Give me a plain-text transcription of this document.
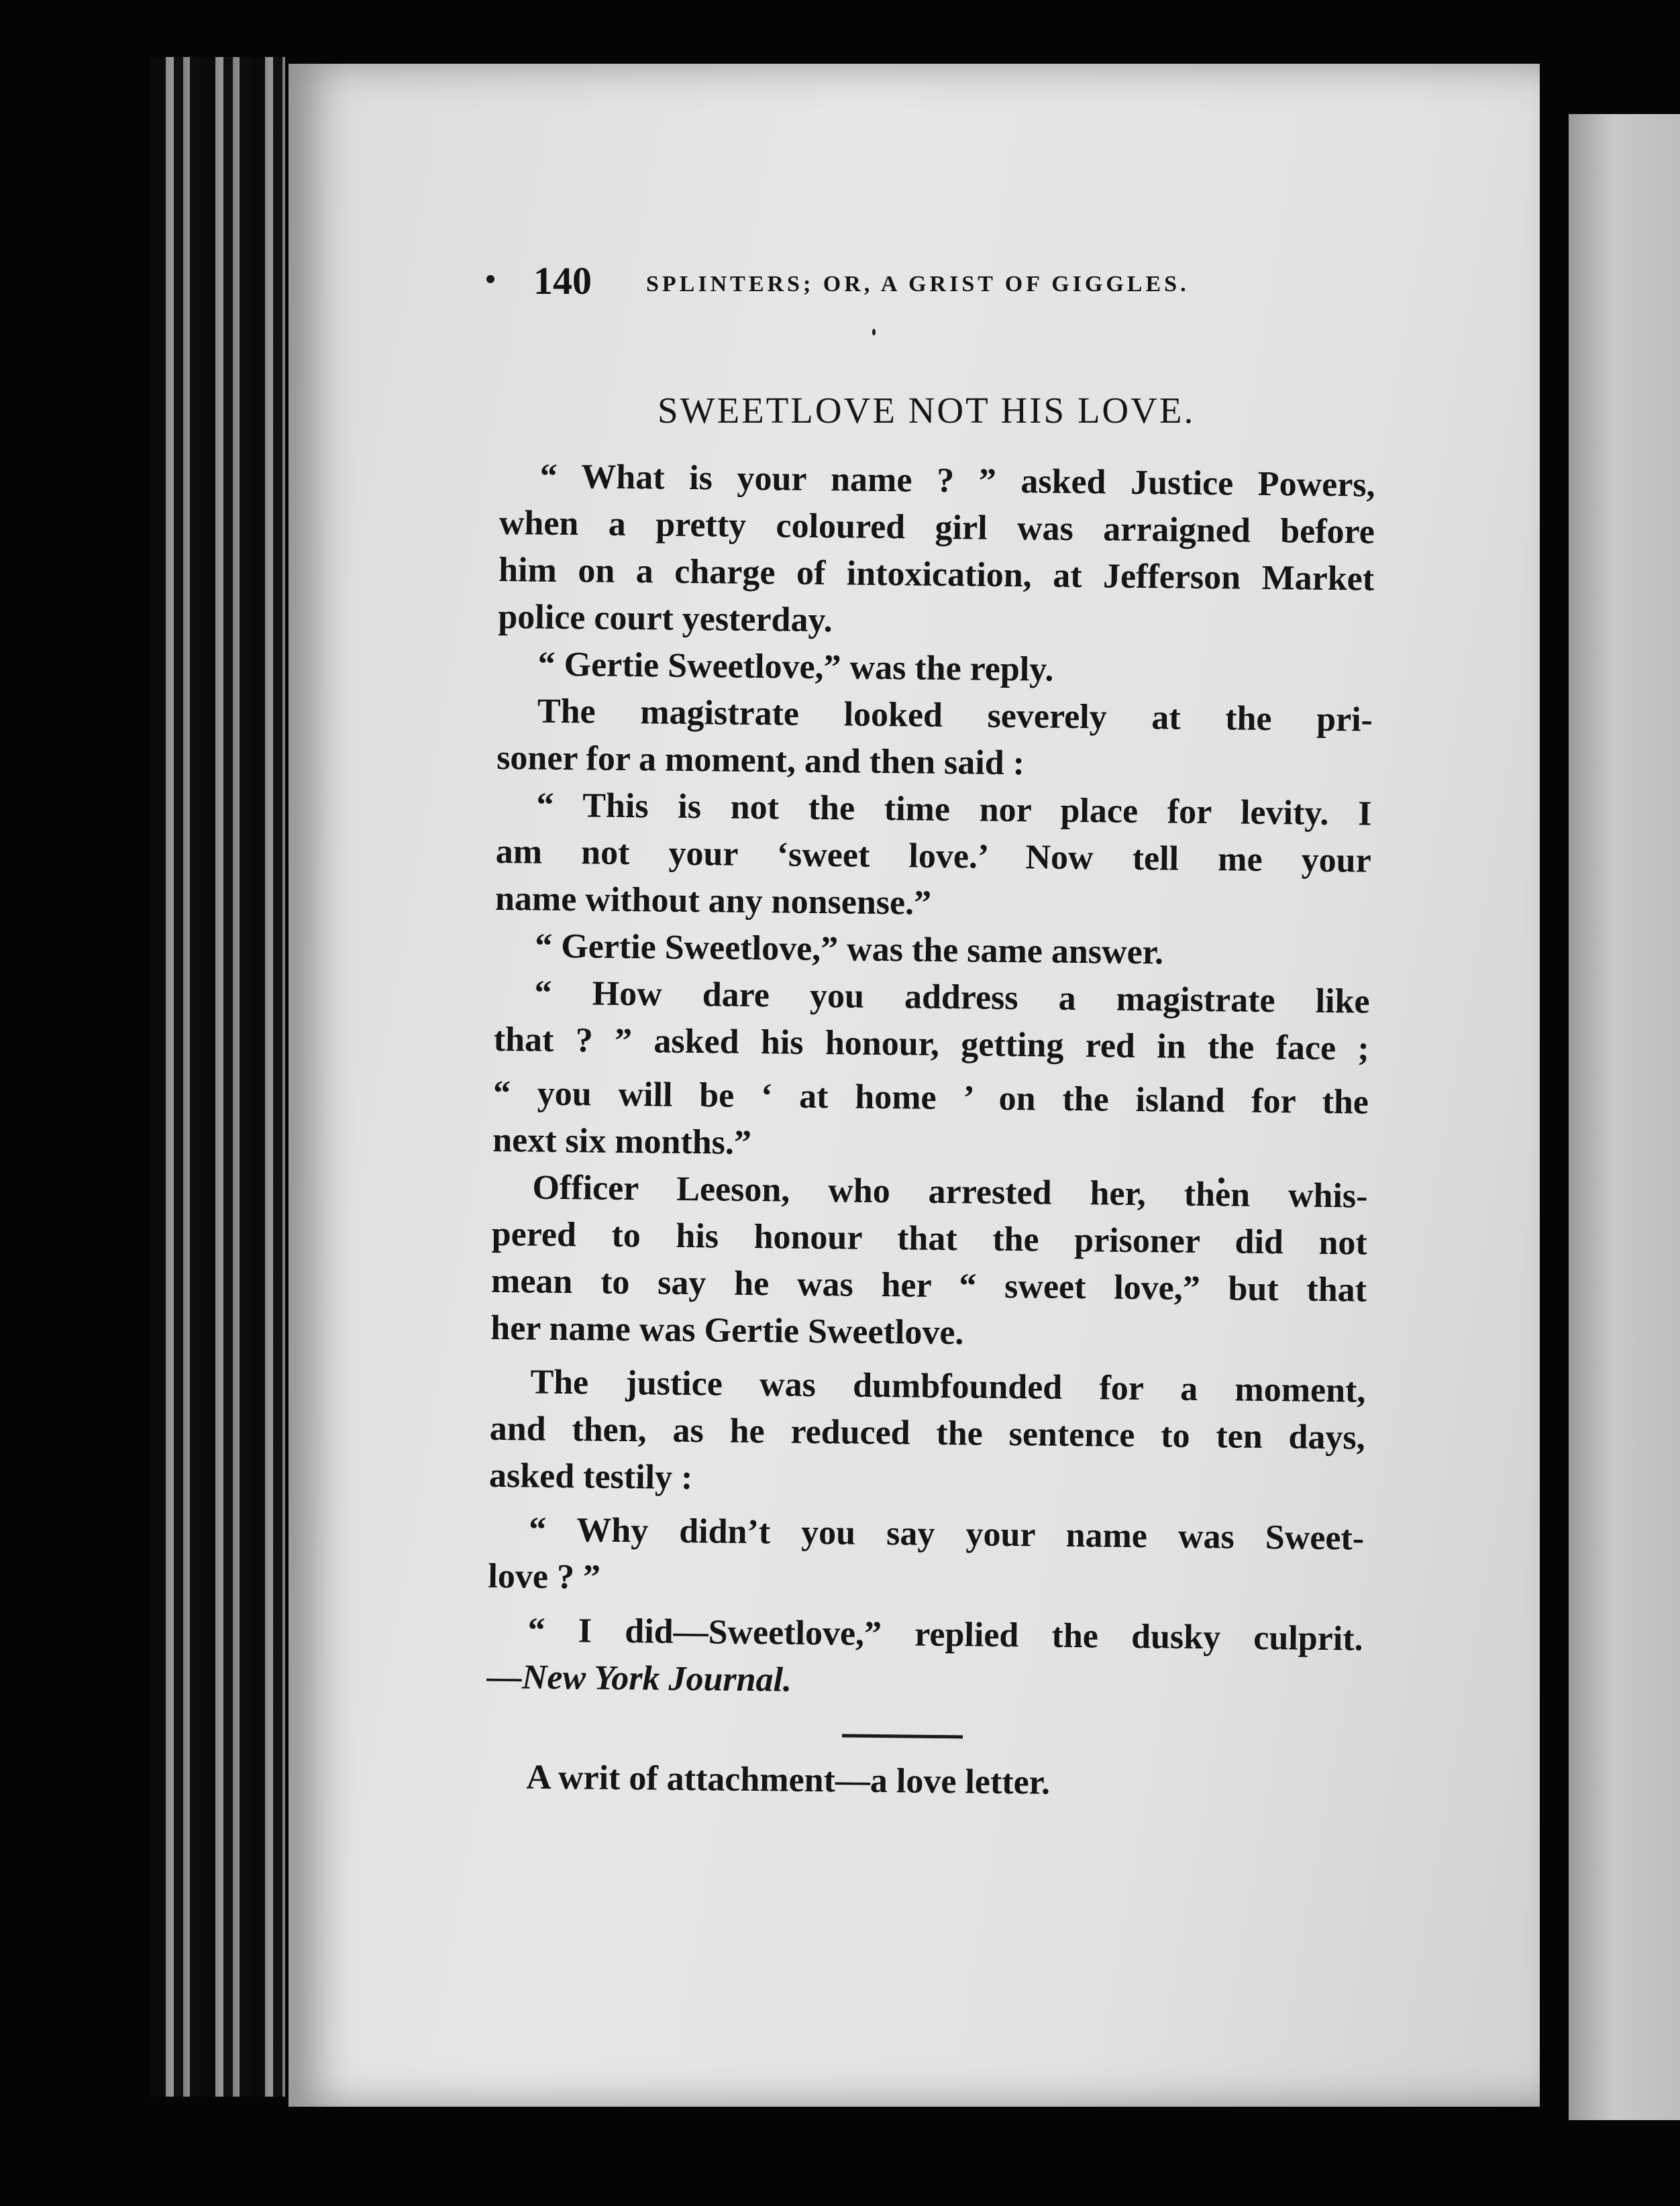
140 SPLINTERS; OR, A GRIST OF GIGGLES.
SWEETLOVE NOT HIS LOVE.
“ What is your name ? ” asked Justice Powers,
when a pretty coloured girl was arraigned before
him on a charge of intoxication, at Jefferson Market
police court yesterday.
“ Gertie Sweetlove,” was the reply.
The magistrate looked severely at the pri-
soner for a moment, and then said :
“ This is not the time nor place for levity. I
am not your ‘sweet love.’ Now tell me your
name without any nonsense.”
“ Gertie Sweetlove,” was the same answer.
“ How dare you address a magistrate like
that ? ” asked his honour, getting red in the face ;
“ you will be ‘ at home ’ on the island for the
next six months.”
Officer Leeson, who arrested her, then whis-
pered to his honour that the prisoner did not
mean to say he was her “ sweet love,” but that
her name was Gertie Sweetlove.
The justice was dumbfounded for a moment,
and then, as he reduced the sentence to ten days,
asked testily :
“ Why didn’t you say your name was Sweet-
love ? ”
“ I did—Sweetlove,” replied the dusky culprit.
—New York Journal.
A writ of attachment—a love letter.
